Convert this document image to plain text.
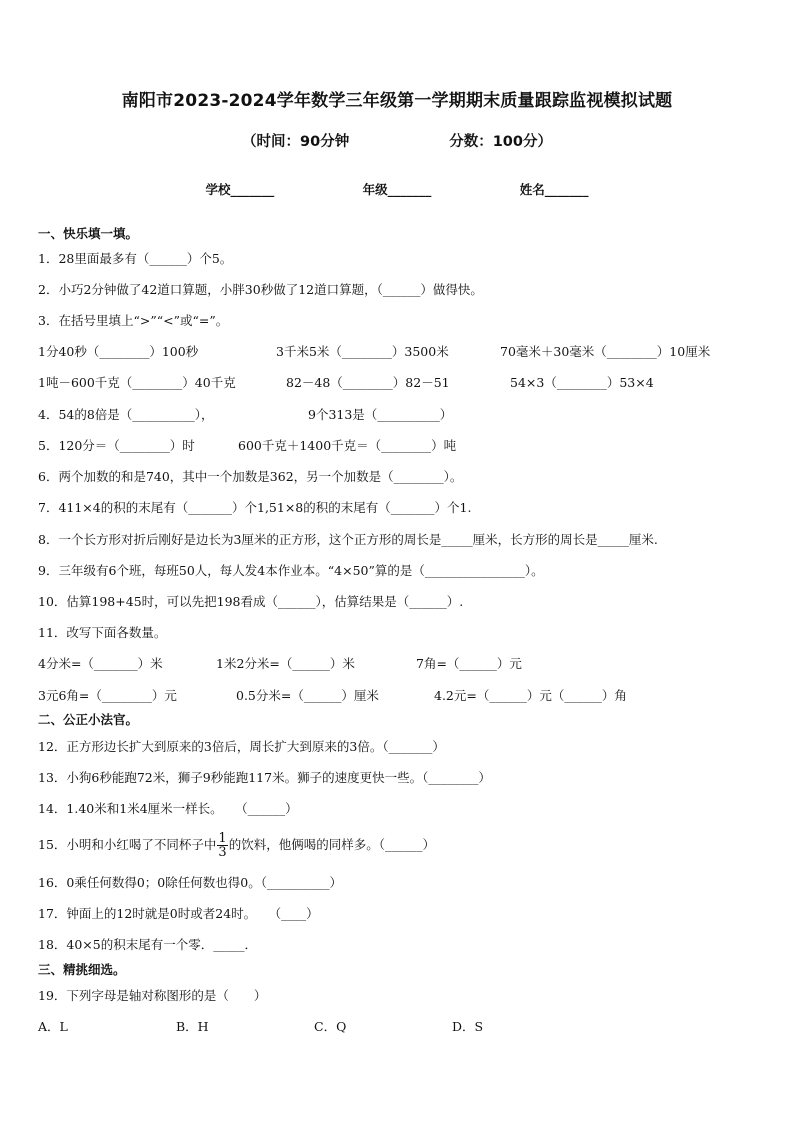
南阳市2023-2024学年数学三年级第一学期期末质量跟踪监视模拟试题
（时间：90分钟	分数：100分）
学校_______	年级_______	姓名_______
一、快乐填一填。
1．28里面最多有（______）个5。
2．小巧2分钟做了42道口算题，小胖30秒做了12道口算题，（______）做得快。
3．在括号里填上“>”“<”或“=”。
1分40秒（________）100秒	3千米5米（________）3500米	70毫米＋30毫米（________）10厘米
1吨－600千克（________）40千克	82－48（________）82－51	54×3（________）53×4
4．54的8倍是（__________），	9个313是（__________）
5．120分＝（________）时	600千克＋1400千克＝（________）吨
6．两个加数的和是740，其中一个加数是362，另一个加数是（________）。
7．411×4的积的末尾有（_______）个1,51×8的积的末尾有（_______）个1.
8．一个长方形对折后刚好是边长为3厘米的正方形，这个正方形的周长是_____厘米，长方形的周长是_____厘米.
9．三年级有6个班，每班50人，每人发4本作业本。“4×50”算的是（________________）。
10．估算198+45时，可以先把198看成（______），估算结果是（______）.
11．改写下面各数量。
4分米=（_______）米	1米2分米=（______）米	7角=（______）元
3元6角=（________）元	0.5分米=（______）厘米	4.2元=（______）元（______）角
二、公正小法官。
12．正方形边长扩大到原来的3倍后，周长扩大到原来的3倍。（_______）
13．小狗6秒能跑72米，狮子9秒能跑117米。狮子的速度更快一些。（________）
14．1.40米和1米4厘米一样长。　　（______）
15．小明和小红喝了不同杯子中 $\frac{1}{3}$ 的饮料，他俩喝的同样多。（______）
16．0乘任何数得0；0除任何数也得0。（__________）
17．钟面上的12时就是0时或者24时。　　（____）
18．40×5的积末尾有一个零．_____．
三、精挑细选。
19．下列字母是轴对称图形的是（　　）
A．L	B．H	C．Q	D．S
